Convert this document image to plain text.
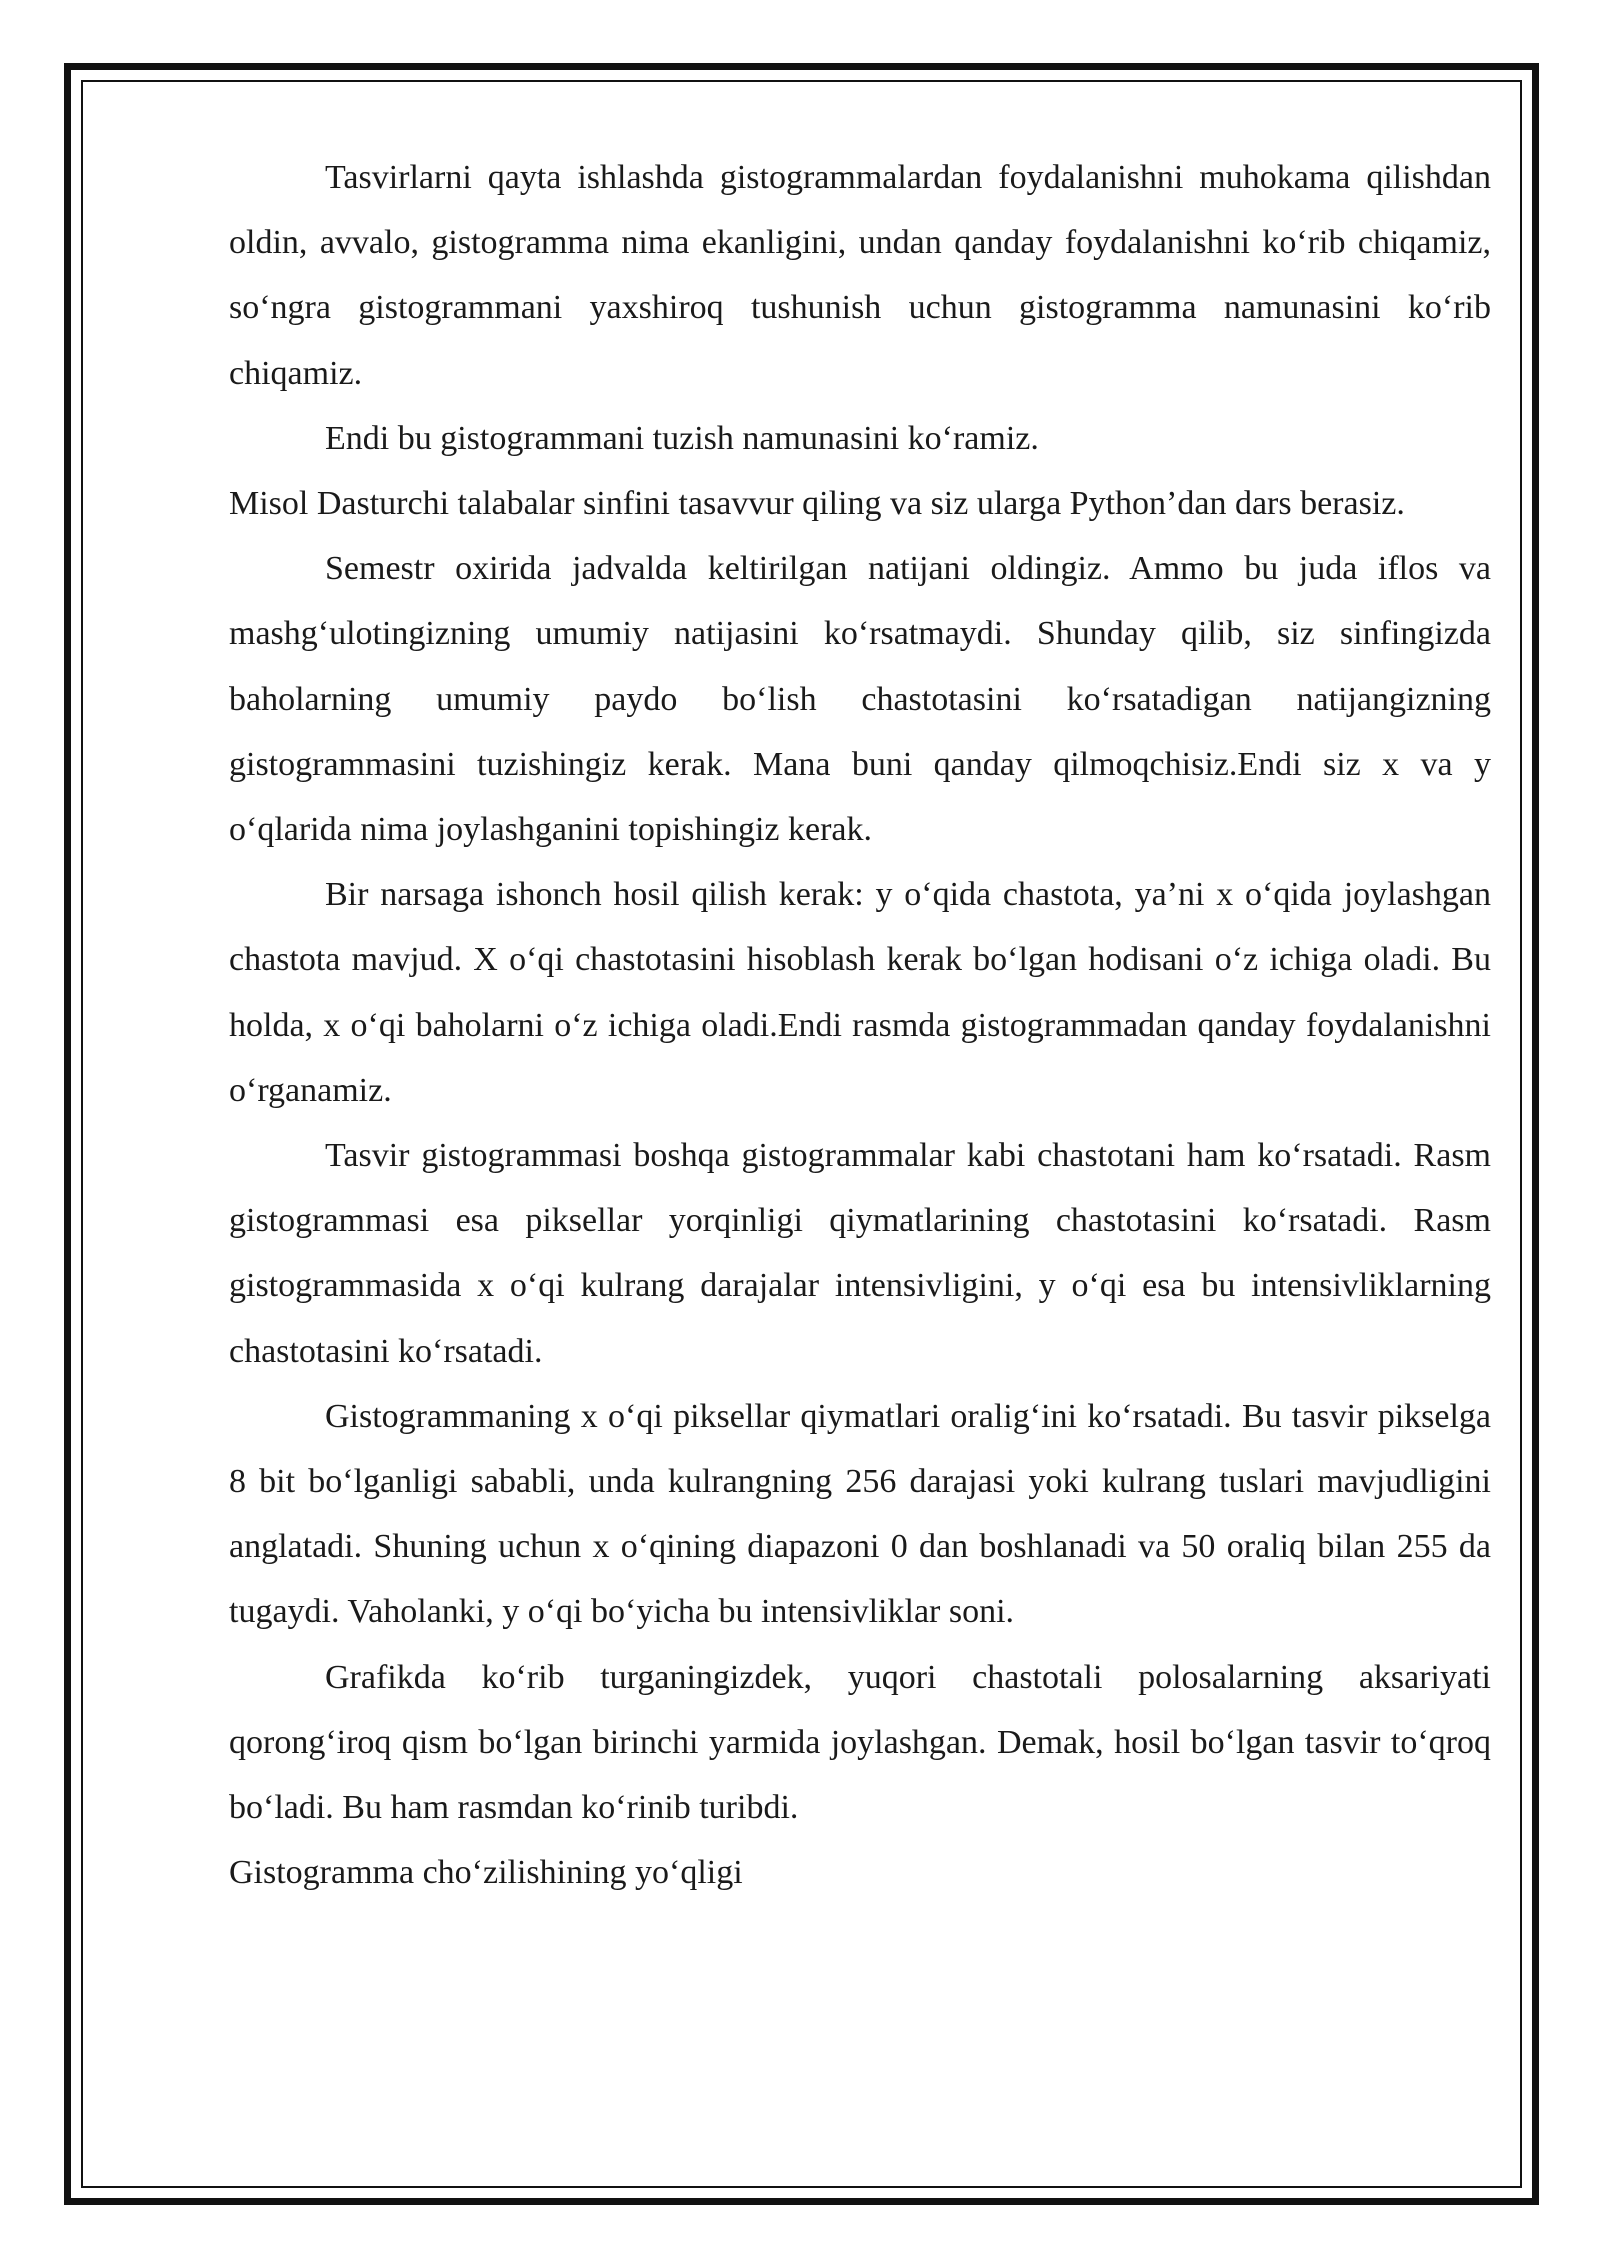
Tasvirlarni qayta ishlashda gistogrammalardan foydalanishni muhokama qilishdan oldin, avvalo, gistogramma nima ekanligini, undan qanday foydalanishni koʻrib chiqamiz, soʻngra gistogrammani yaxshiroq tushunish uchun gistogramma namunasini koʻrib chiqamiz.

Endi bu gistogrammani tuzish namunasini koʻramiz.

Misol Dasturchi talabalar sinfini tasavvur qiling va siz ularga Python’dan dars berasiz.

Semestr oxirida jadvalda keltirilgan natijani oldingiz. Ammo bu juda iflos va mashgʻulotingizning umumiy natijasini koʻrsatmaydi. Shunday qilib, siz sinfingizda baholarning umumiy paydo boʻlish chastotasini koʻrsatadigan natijangizning gistogrammasini tuzishingiz kerak. Mana buni qanday qilmoqchisiz.Endi siz x va y oʻqlarida nima joylashganini topishingiz kerak.

Bir narsaga ishonch hosil qilish kerak: y oʻqida chastota, ya’ni x oʻqida joylashgan chastota mavjud. X oʻqi chastotasini hisoblash kerak boʻlgan hodisani oʻz ichiga oladi. Bu holda, x oʻqi baholarni oʻz ichiga oladi.Endi rasmda gistogrammadan qanday foydalanishni oʻrganamiz.

Tasvir gistogrammasi boshqa gistogrammalar kabi chastotani ham koʻrsatadi. Rasm gistogrammasi esa piksellar yorqinligi qiymatlarining chastotasini koʻrsatadi. Rasm gistogrammasida x oʻqi kulrang darajalar intensivligini, y oʻqi esa bu intensivliklarning chastotasini koʻrsatadi.

Gistogrammaning x oʻqi piksellar qiymatlari oraligʻini koʻrsatadi. Bu tasvir pikselga 8 bit boʻlganligi sababli, unda kulrangning 256 darajasi yoki kulrang tuslari mavjudligini anglatadi. Shuning uchun x oʻqining diapazoni 0 dan boshlanadi va 50 oraliq bilan 255 da tugaydi. Vaholanki, y oʻqi boʻyicha bu intensivliklar soni.

Grafikda koʻrib turganingizdek, yuqori chastotali polosalarning aksariyati qorongʻiroq qism boʻlgan birinchi yarmida joylashgan. Demak, hosil boʻlgan tasvir toʻqroq boʻladi. Bu ham rasmdan koʻrinib turibdi.

Gistogramma choʻzilishining yoʻqligi
